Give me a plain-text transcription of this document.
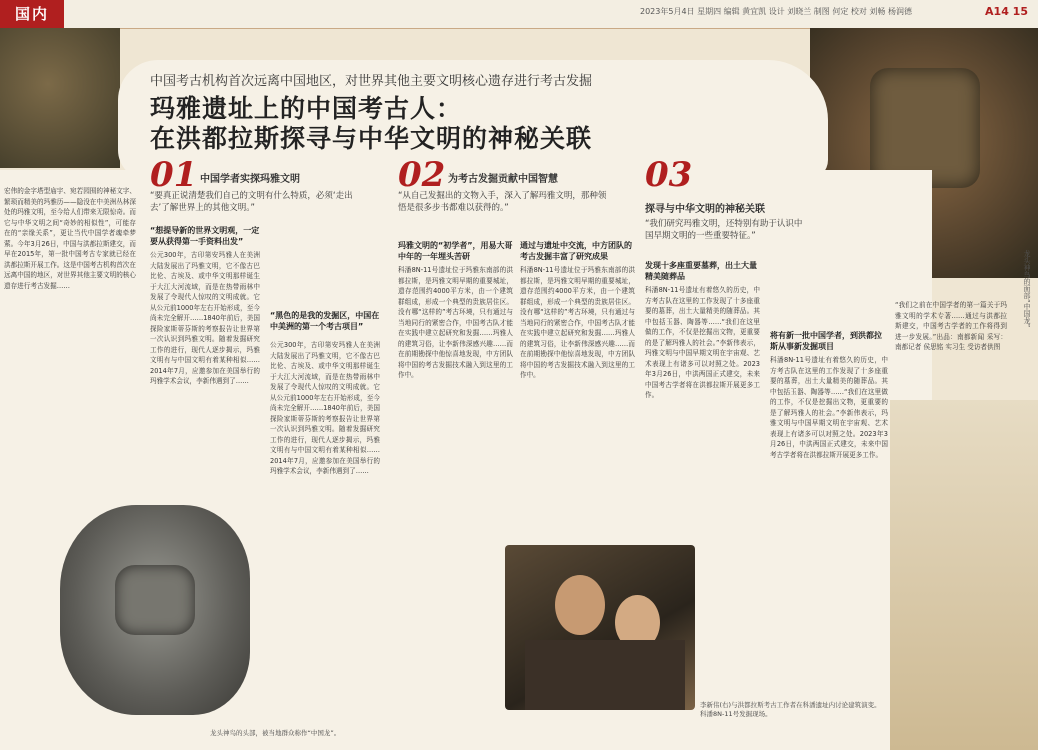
国内	2023年5月4日 星期四 编辑 黄宜凯 设计 刘晓兰 制图 何定 校对 刘畅 杨润德	A14 15
中国考古机构首次远离中国地区，对世界其他主要文明核心遗存进行考古发掘
玛雅遗址上的中国考古人：
在洪都拉斯探寻与中华文明的神秘关联
宏伟的金字塔型庙宇、宛若园囿的神秘文字、繁琐而精美的玛雅历——隐没在中美洲丛林深处的玛雅文明，至今给人们带来无限惊奇。而它与中华文明之间“奇妙的相似性”，可能存在的“亲缘关系”，更让当代中国学者魂牵梦萦。今年3月26日，中国与洪都拉斯建交，而早在2015年，第一批中国考古专家就已经在洪都拉斯开展工作。这是中国考古机构首次在远离中国的地区，对世界其他主要文明的核心遗存进行考古发掘……
01 中国学者实探玛雅文明
“要真正说清楚我们自己的文明有什么特质，必须‘走出去’了解世界上的其他文明。”
“想提导新的世界文明观，一定要从获得第一手资料出发”
公元300年，古印第安玛雅人在美洲大陆发展出了玛雅文明，它不像古巴比伦、古埃及、或中华文明那样诞生于大江大河流域，而是在热带雨林中发展了令现代人惊叹的文明成就。它从公元前1000年左右开始形成，至今尚未完全解开……1840年前后，美国探险家斯蒂芬斯的考察报告让世界第一次认识到玛雅文明。随着发掘研究工作的进行，现代人逐步揭示，玛雅文明有与中国文明有着某种相似……2014年7月，应邀参加在美国举行的玛雅学术会议，李新伟遇到了……
“黑色的是我的发掘区，中国在中美洲的第一个考古项目”
公元300年，古印第安玛雅人在美洲大陆发展出了玛雅文明，它不像古巴比伦、古埃及、或中华文明那样诞生于大江大河流域，而是在热带雨林中发展了令现代人惊叹的文明成就。它从公元前1000年左右开始形成，至今尚未完全解开……1840年前后，美国探险家斯蒂芬斯的考察报告让世界第一次认识到玛雅文明。随着发掘研究工作的进行，现代人逐步揭示，玛雅文明有与中国文明有着某种相似……2014年7月，应邀参加在美国举行的玛雅学术会议，李新伟遇到了……
龙头神鸟的头部，被当地群众称作“中国龙”。
02 为考古发掘贡献中国智慧
“从自己发掘出的文物入手，深入了解玛雅文明，那种领悟是很多步书都难以获得的。”
玛雅文明的“初学者”，用易大哥中年的一年埋头苦研
科潘8N-11号遗址位于玛雅东南部的洪都拉斯，是玛雅文明早期的重要城址，遗存范围约4000平方米，由一个建筑群组成，形成一个典型的贵族居住区。没有哪“这样的”考古环境，只有通过与当地同行的紧密合作，中国考古队才能在实践中建立起研究和发掘……玛雅人的建筑习俗，让李新伟深感兴趣……而在前期勘探中他惊喜地发现，中方团队将中国的考古发掘技术融入到这里的工作中。
通过与遗址中交流，中方团队的考古发掘丰富了研究成果
科潘8N-11号遗址位于玛雅东南部的洪都拉斯，是玛雅文明早期的重要城址，遗存范围约4000平方米，由一个建筑群组成，形成一个典型的贵族居住区。没有哪“这样的”考古环境，只有通过与当地同行的紧密合作，中国考古队才能在实践中建立起研究和发掘……玛雅人的建筑习俗，让李新伟深感兴趣……而在前期勘探中他惊喜地发现，中方团队将中国的考古发掘技术融入到这里的工作中。
李新伟(右)与洪都拉斯考古工作者在科潘遗址内讨论建筑演变。科潘8N-11号发掘现场。
03
探寻与中华文明的神秘关联
“我们研究玛雅文明，还特别有助于认识中国早期文明的一些重要特征。”
发现十多座重要墓葬，出土大量精美随葬品
科潘8N-11号遗址有着悠久的历史，中方考古队在这里的工作发现了十多座重要的墓葬，出土大量精美的随葬品。其中包括玉器、陶器等……“我们在这里做的工作，不仅是挖掘出文物，更重要的是了解玛雅人的社会。”李新伟表示，玛雅文明与中国早期文明在宇宙观、艺术表现上有诸多可以对照之处。2023年3月26日，中洪两国正式建交，未来中国考古学者将在洪都拉斯开展更多工作。
将有新一批中国学者，到洪都拉斯从事新发掘项目
科潘8N-11号遗址有着悠久的历史，中方考古队在这里的工作发现了十多座重要的墓葬，出土大量精美的随葬品。其中包括玉器、陶器等……“我们在这里做的工作，不仅是挖掘出文物，更重要的是了解玛雅人的社会。”李新伟表示，玛雅文明与中国早期文明在宇宙观、艺术表现上有诸多可以对照之处。2023年3月26日，中洪两国正式建交，未来中国考古学者将在洪都拉斯开展更多工作。
“我们之前在中国学者的第一篇关于玛雅文明的学术专著……通过与洪都拉斯建交，中国考古学者的工作将得到进一步发展。”出品：南都新闻 采写：南都记者 侯思铭 实习生 受访者供图
龙头神鸟的面部“中国龙”
